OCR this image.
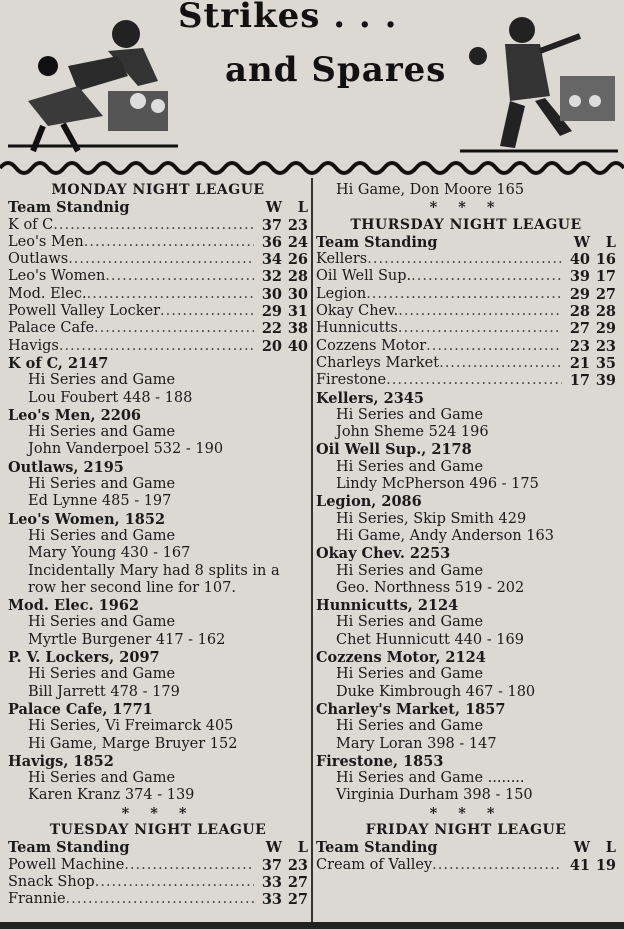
Strikes . . .
and Spares
MONDAY NIGHT LEAGUE
Team Standnig	W	L
K of C .....	37 23
Leo's Men .....	36 24
Outlaws .....	34 26
Leo's Women .....	32 28
Mod. Elec. .....	30 30
Powell Valley Locker .....	29 31
Palace Cafe .....	22 38
Havigs .....	20 40
K of C, 2147
Hi Series and Game
Lou Foubert 448 - 188
Leo's Men, 2206
Hi Series and Game
John Vanderpoel 532 - 190
Outlaws, 2195
Hi Series and Game
Ed Lynne 485 - 197
Leo's Women, 1852
Hi Series and Game
Mary Young 430 - 167
Incidentally Mary had 8 splits in a row her second line for 107.
Mod. Elec. 1962
Hi Series and Game
Myrtle Burgener 417 - 162
P. V. Lockers, 2097
Hi Series and Game
Bill Jarrett 478 - 179
Palace Cafe, 1771
Hi Series, Vi Freimarck 405
Hi Game, Marge Bruyer 152
Havigs, 1852
Hi Series and Game
Karen Kranz 374 - 139
* * *
TUESDAY NIGHT LEAGUE
Team Standing	W	L
Powell Machine .....	37 23
Snack Shop .....	33 27
Frannie .....	33 27
Hi Game, Don Moore 165
* * *
THURSDAY NIGHT LEAGUE
Team Standing	W	L
Kellers .....	40 16
Oil Well Sup. .....	39 17
Legion .....	29 27
Okay Chev. .....	28 28
Hunnicutts .....	27 29
Cozzens Motor .....	23 23
Charleys Market .....	21 35
Firestone .....	17 39
Kellers, 2345
Hi Series and Game
John Sheme 524 196
Oil Well Sup., 2178
Hi Series and Game
Lindy McPherson 496 - 175
Legion, 2086
Hi Series, Skip Smith 429
Hi Game, Andy Anderson 163
Okay Chev. 2253
Hi Series and Game
Geo. Northness 519 - 202
Hunnicutts, 2124
Hi Series and Game
Chet Hunnicutt 440 - 169
Cozzens Motor, 2124
Hi Series and Game
Duke Kimbrough 467 - 180
Charley's Market, 1857
Hi Series and Game
Mary Loran 398 - 147
Firestone, 1853
Hi Series and Game ........
Virginia Durham 398 - 150
* * *
FRIDAY NIGHT LEAGUE
Team Standing	W	L
Cream of Valley .....	41 19
